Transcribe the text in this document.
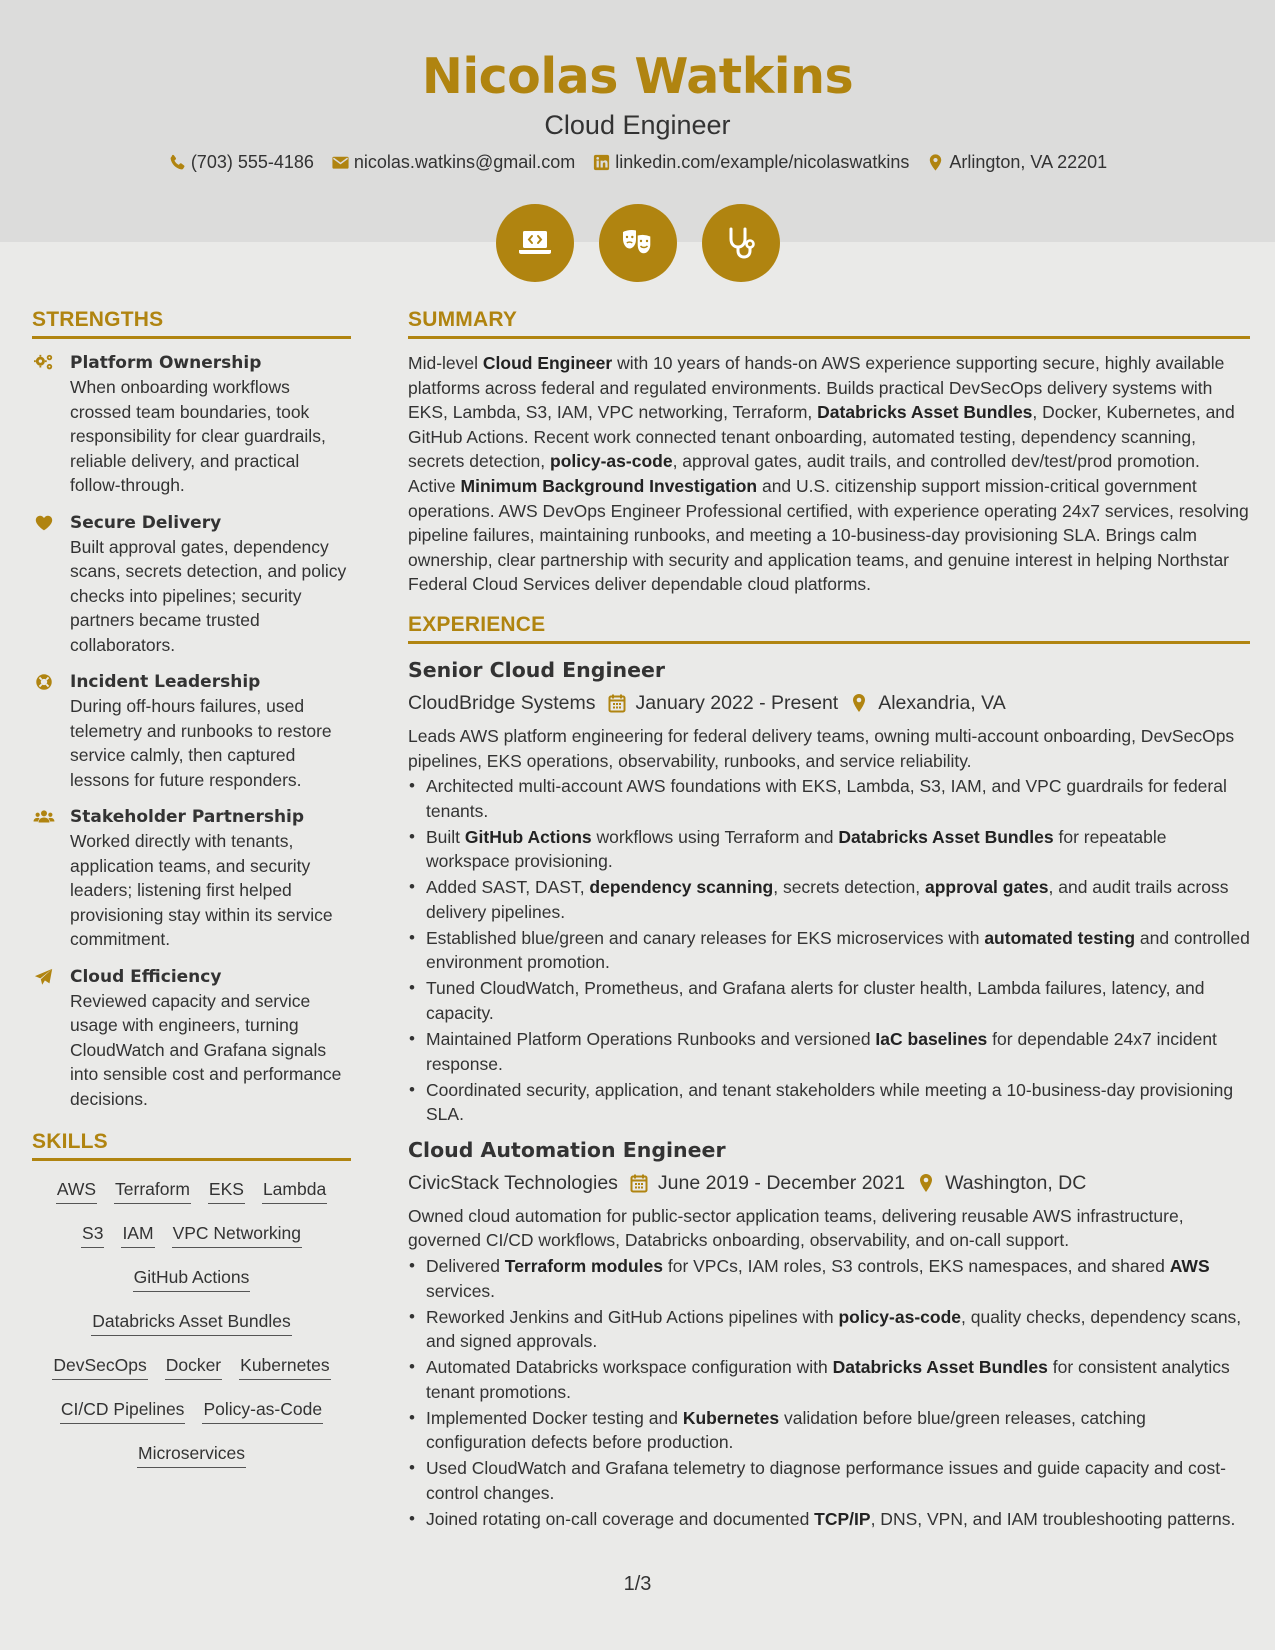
Nicolas Watkins
Cloud Engineer
(703) 555-4186 nicolas.watkins@gmail.com linkedin.com/example/nicolaswatkins Arlington, VA 22201
STRENGTHS
Platform Ownership
When onboarding workflows crossed team boundaries, took responsibility for clear guardrails, reliable delivery, and practical follow-through.
Secure Delivery
Built approval gates, dependency scans, secrets detection, and policy checks into pipelines; security partners became trusted collaborators.
Incident Leadership
During off-hours failures, used telemetry and runbooks to restore service calmly, then captured lessons for future responders.
Stakeholder Partnership
Worked directly with tenants, application teams, and security leaders; listening first helped provisioning stay within its service commitment.
Cloud Efficiency
Reviewed capacity and service usage with engineers, turning CloudWatch and Grafana signals into sensible cost and performance decisions.
SKILLS
AWS Terraform EKS Lambda
S3 IAM VPC Networking
GitHub Actions
Databricks Asset Bundles
DevSecOps Docker Kubernetes
CI/CD Pipelines Policy-as-Code
Microservices
SUMMARY
Mid-level Cloud Engineer with 10 years of hands-on AWS experience supporting secure, highly available platforms across federal and regulated environments. Builds practical DevSecOps delivery systems with EKS, Lambda, S3, IAM, VPC networking, Terraform, Databricks Asset Bundles, Docker, Kubernetes, and GitHub Actions. Recent work connected tenant onboarding, automated testing, dependency scanning, secrets detection, policy-as-code, approval gates, audit trails, and controlled dev/test/prod promotion. Active Minimum Background Investigation and U.S. citizenship support mission-critical government operations. AWS DevOps Engineer Professional certified, with experience operating 24x7 services, resolving pipeline failures, maintaining runbooks, and meeting a 10-business-day provisioning SLA. Brings calm ownership, clear partnership with security and application teams, and genuine interest in helping Northstar Federal Cloud Services deliver dependable cloud platforms.
EXPERIENCE
Senior Cloud Engineer
CloudBridge Systems January 2022 - Present Alexandria, VA
Leads AWS platform engineering for federal delivery teams, owning multi-account onboarding, DevSecOps pipelines, EKS operations, observability, runbooks, and service reliability.
• Architected multi-account AWS foundations with EKS, Lambda, S3, IAM, and VPC guardrails for federal tenants.
• Built GitHub Actions workflows using Terraform and Databricks Asset Bundles for repeatable workspace provisioning.
• Added SAST, DAST, dependency scanning, secrets detection, approval gates, and audit trails across delivery pipelines.
• Established blue/green and canary releases for EKS microservices with automated testing and controlled environment promotion.
• Tuned CloudWatch, Prometheus, and Grafana alerts for cluster health, Lambda failures, latency, and capacity.
• Maintained Platform Operations Runbooks and versioned IaC baselines for dependable 24x7 incident response.
• Coordinated security, application, and tenant stakeholders while meeting a 10-business-day provisioning SLA.
Cloud Automation Engineer
CivicStack Technologies June 2019 - December 2021 Washington, DC
Owned cloud automation for public-sector application teams, delivering reusable AWS infrastructure, governed CI/CD workflows, Databricks onboarding, observability, and on-call support.
• Delivered Terraform modules for VPCs, IAM roles, S3 controls, EKS namespaces, and shared AWS services.
• Reworked Jenkins and GitHub Actions pipelines with policy-as-code, quality checks, dependency scans, and signed approvals.
• Automated Databricks workspace configuration with Databricks Asset Bundles for consistent analytics tenant promotions.
• Implemented Docker testing and Kubernetes validation before blue/green releases, catching configuration defects before production.
• Used CloudWatch and Grafana telemetry to diagnose performance issues and guide capacity and cost-control changes.
• Joined rotating on-call coverage and documented TCP/IP, DNS, VPN, and IAM troubleshooting patterns.
1/3
